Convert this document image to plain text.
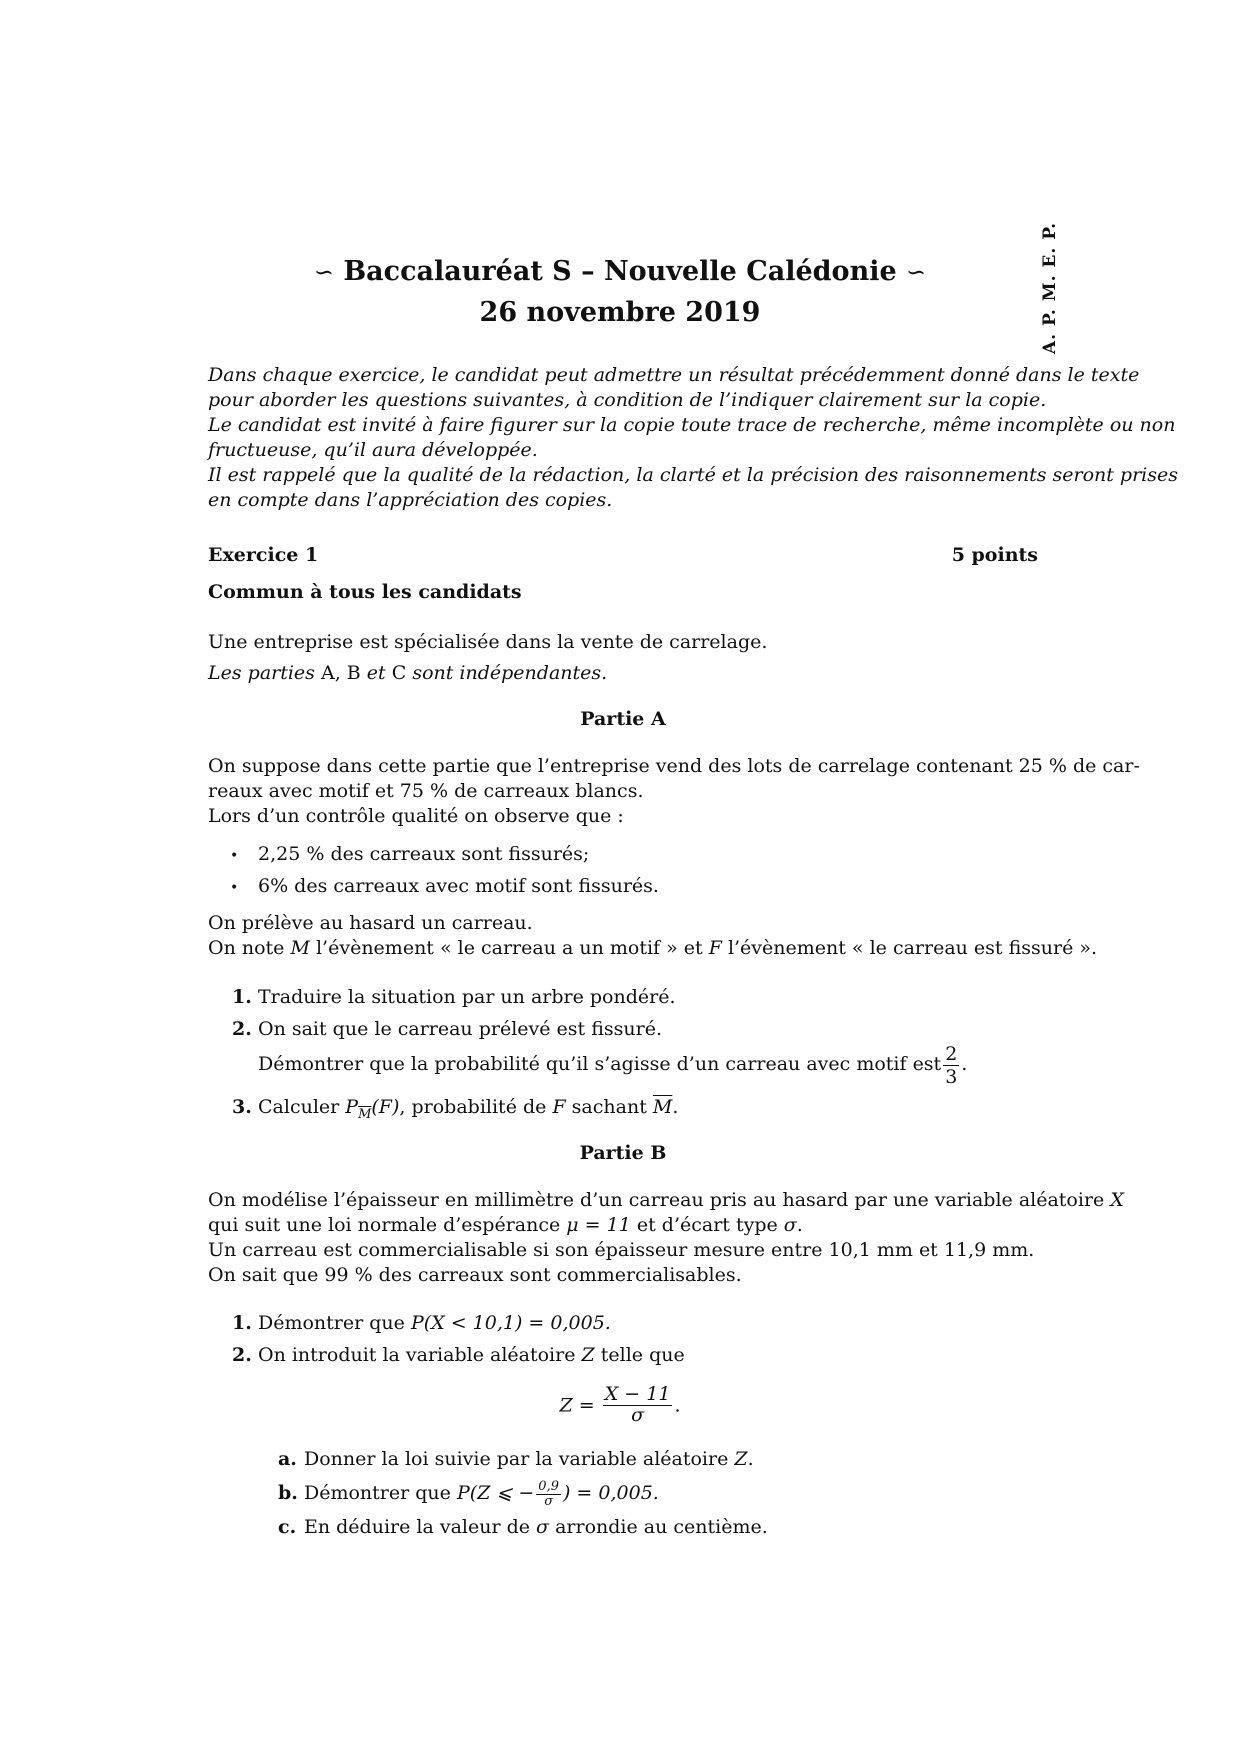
∽ Baccalauréat S – Nouvelle Calédonie ∽
26 novembre 2019	A. P. M. E. P.
Dans chaque exercice, le candidat peut admettre un résultat précédemment donné dans le texte
pour aborder les questions suivantes, à condition de l’indiquer clairement sur la copie.
Le candidat est invité à faire figurer sur la copie toute trace de recherche, même incomplète ou non
fructueuse, qu’il aura développée.
Il est rappelé que la qualité de la rédaction, la clarté et la précision des raisonnements seront prises
en compte dans l’appréciation des copies.
Exercice 1	5 points
Commun à tous les candidats
Une entreprise est spécialisée dans la vente de carrelage.
Les parties A, B et C sont indépendantes.
Partie A
On suppose dans cette partie que l’entreprise vend des lots de carrelage contenant 25 % de car-
reaux avec motif et 75 % de carreaux blancs.
Lors d’un contrôle qualité on observe que :
• 2,25 % des carreaux sont fissurés;
• 6% des carreaux avec motif sont fissurés.
On prélève au hasard un carreau.
On note M l’évènement « le carreau a un motif » et F l’évènement « le carreau est fissuré ».
1. Traduire la situation par un arbre pondéré.
2. On sait que le carreau prélevé est fissuré.
Démontrer que la probabilité qu’il s’agisse d’un carreau avec motif est $\frac{2}{3}$ .
3. Calculer $P_{\overline{M}}(F)$, probabilité de F sachant $\overline{M}$.
Partie B
On modélise l’épaisseur en millimètre d’un carreau pris au hasard par une variable aléatoire X
qui suit une loi normale d’espérance μ = 11 et d’écart type σ.
Un carreau est commercialisable si son épaisseur mesure entre 10,1 mm et 11,9 mm.
On sait que 99 % des carreaux sont commercialisables.
1. Démontrer que P(X < 10,1) = 0,005.
2. On introduit la variable aléatoire Z telle que
$Z = \frac{X - 11}{\sigma}$ .
a. Donner la loi suivie par la variable aléatoire Z.
b. Démontrer que P(Z ⩽ − $\frac{0,9}{\sigma}$ ) = 0,005.
c. En déduire la valeur de σ arrondie au centième.
